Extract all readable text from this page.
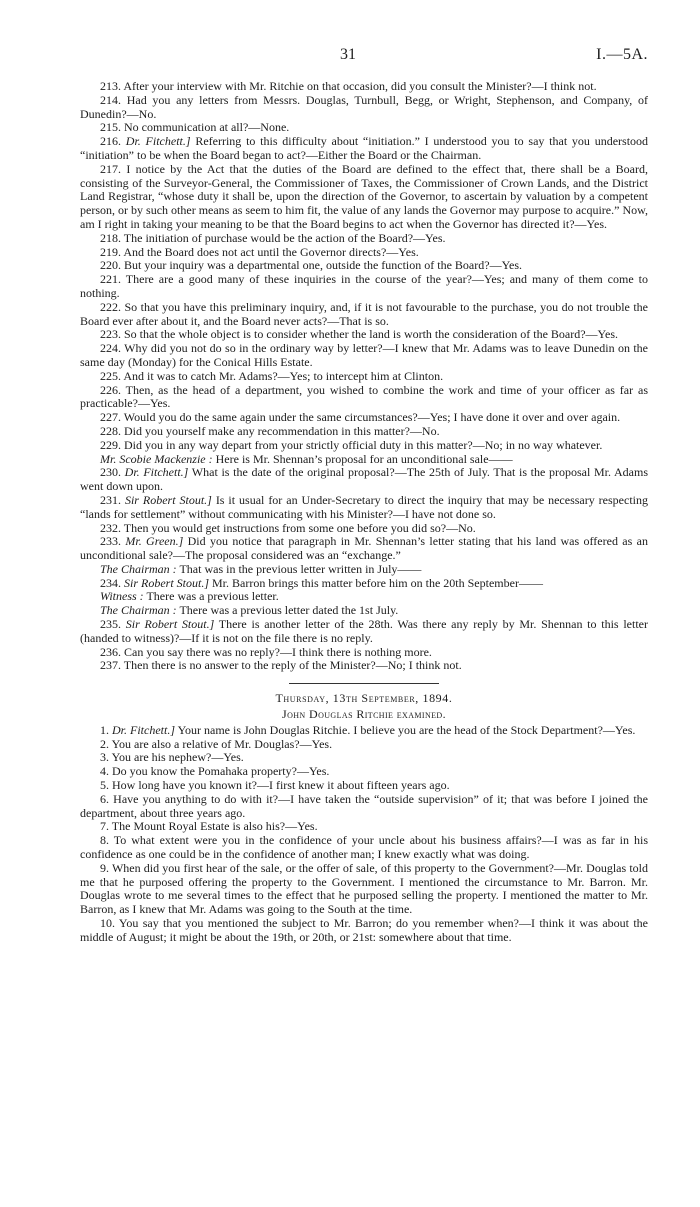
31	I.—5A.

213. After your interview with Mr. Ritchie on that occasion, did you consult the Minister?—I think not.

214. Had you any letters from Messrs. Douglas, Turnbull, Begg, or Wright, Stephenson, and Company, of Dunedin?—No.

215. No communication at all?—None.

216. Dr. Fitchett.] Referring to this difficulty about “initiation.” I understood you to say that you understood “initiation” to be when the Board began to act?—Either the Board or the Chairman.

217. I notice by the Act that the duties of the Board are defined to the effect that, there shall be a Board, consisting of the Surveyor-General, the Commissioner of Taxes, the Commissioner of Crown Lands, and the District Land Registrar, “whose duty it shall be, upon the direction of the Governor, to ascertain by valuation by a competent person, or by such other means as seem to him fit, the value of any lands the Governor may purpose to acquire.” Now, am I right in taking your meaning to be that the Board begins to act when the Governor has directed it?—Yes.

218. The initiation of purchase would be the action of the Board?—Yes.

219. And the Board does not act until the Governor directs?—Yes.

220. But your inquiry was a departmental one, outside the function of the Board?—Yes.

221. There are a good many of these inquiries in the course of the year?—Yes; and many of them come to nothing.

222. So that you have this preliminary inquiry, and, if it is not favourable to the purchase, you do not trouble the Board ever after about it, and the Board never acts?—That is so.

223. So that the whole object is to consider whether the land is worth the consideration of the Board?—Yes.

224. Why did you not do so in the ordinary way by letter?—I knew that Mr. Adams was to leave Dunedin on the same day (Monday) for the Conical Hills Estate.

225. And it was to catch Mr. Adams?—Yes; to intercept him at Clinton.

226. Then, as the head of a department, you wished to combine the work and time of your officer as far as practicable?—Yes.

227. Would you do the same again under the same circumstances?—Yes; I have done it over and over again.

228. Did you yourself make any recommendation in this matter?—No.

229. Did you in any way depart from your strictly official duty in this matter?—No; in no way whatever.

Mr. Scobie Mackenzie : Here is Mr. Shennan’s proposal for an unconditional sale——

230. Dr. Fitchett.] What is the date of the original proposal?—The 25th of July. That is the proposal Mr. Adams went down upon.

231. Sir Robert Stout.] Is it usual for an Under-Secretary to direct the inquiry that may be necessary respecting “lands for settlement” without communicating with his Minister?—I have not done so.

232. Then you would get instructions from some one before you did so?—No.

233. Mr. Green.] Did you notice that paragraph in Mr. Shennan’s letter stating that his land was offered as an unconditional sale?—The proposal considered was an “exchange.”

The Chairman : That was in the previous letter written in July——

234. Sir Robert Stout.] Mr. Barron brings this matter before him on the 20th September——

Witness : There was a previous letter.

The Chairman : There was a previous letter dated the 1st July.

235. Sir Robert Stout.] There is another letter of the 28th. Was there any reply by Mr. Shennan to this letter (handed to witness)?—If it is not on the file there is no reply.

236. Can you say there was no reply?—I think there is nothing more.

237. Then there is no answer to the reply of the Minister?—No; I think not.

Thursday, 13th September, 1894.

John Douglas Ritchie examined.

1. Dr. Fitchett.] Your name is John Douglas Ritchie. I believe you are the head of the Stock Department?—Yes.

2. You are also a relative of Mr. Douglas?—Yes.

3. You are his nephew?—Yes.

4. Do you know the Pomahaka property?—Yes.

5. How long have you known it?—I first knew it about fifteen years ago.

6. Have you anything to do with it?—I have taken the “outside supervision” of it; that was before I joined the department, about three years ago.

7. The Mount Royal Estate is also his?—Yes.

8. To what extent were you in the confidence of your uncle about his business affairs?—I was as far in his confidence as one could be in the confidence of another man; I knew exactly what was doing.

9. When did you first hear of the sale, or the offer of sale, of this property to the Government?—Mr. Douglas told me that he purposed offering the property to the Government. I mentioned the circumstance to Mr. Barron. Mr. Douglas wrote to me several times to the effect that he purposed selling the property. I mentioned the matter to Mr. Barron, as I knew that Mr. Adams was going to the South at the time.

10. You say that you mentioned the subject to Mr. Barron; do you remember when?—I think it was about the middle of August; it might be about the 19th, or 20th, or 21st: somewhere about that time.
